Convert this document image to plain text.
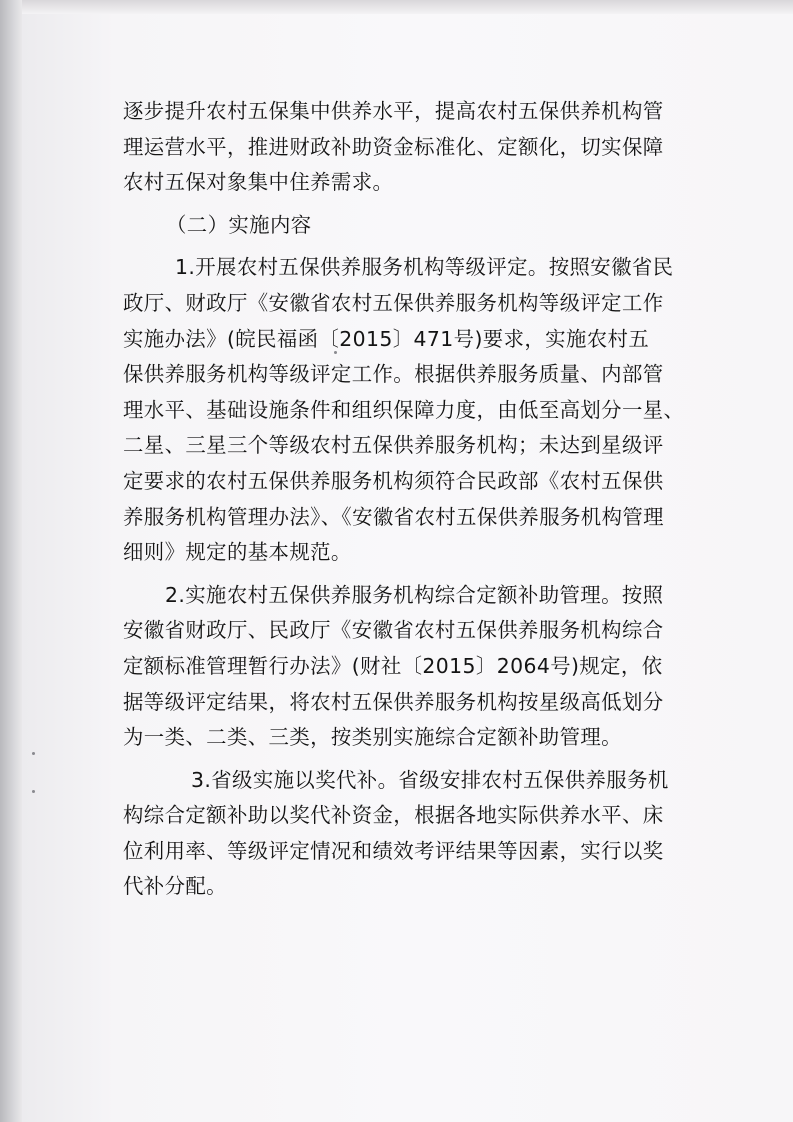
逐步提升农村五保集中供养水平，提高农村五保供养机构管
理运营水平，推进财政补助资金标准化、定额化，切实保障
农村五保对象集中住养需求。
（二）实施内容
1.开展农村五保供养服务机构等级评定。按照安徽省民
政厅、财政厅《安徽省农村五保供养服务机构等级评定工作
实施办法》(皖民福函〔2015〕471号)要求，实施农村五
保供养服务机构等级评定工作。根据供养服务质量、内部管
理水平、基础设施条件和组织保障力度，由低至高划分一星、
二星、三星三个等级农村五保供养服务机构；未达到星级评
定要求的农村五保供养服务机构须符合民政部《农村五保供
养服务机构管理办法》、《安徽省农村五保供养服务机构管理
细则》规定的基本规范。
2.实施农村五保供养服务机构综合定额补助管理。按照
安徽省财政厅、民政厅《安徽省农村五保供养服务机构综合
定额标准管理暂行办法》(财社〔2015〕2064号)规定，依
据等级评定结果，将农村五保供养服务机构按星级高低划分
为一类、二类、三类，按类别实施综合定额补助管理。
3.省级实施以奖代补。省级安排农村五保供养服务机
构综合定额补助以奖代补资金，根据各地实际供养水平、床
位利用率、等级评定情况和绩效考评结果等因素，实行以奖
代补分配。
